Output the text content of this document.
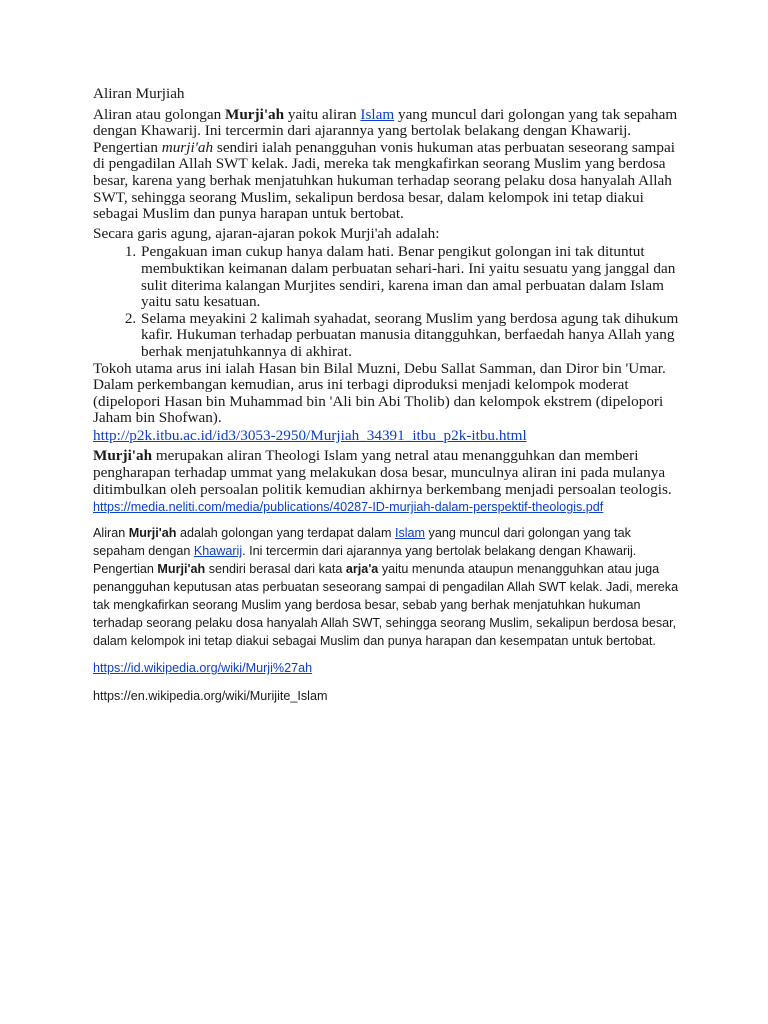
Aliran Murjiah

Aliran atau golongan Murji'ah yaitu aliran Islam yang muncul dari golongan yang tak sepaham dengan Khawarij. Ini tercermin dari ajarannya yang bertolak belakang dengan Khawarij. Pengertian murji'ah sendiri ialah penangguhan vonis hukuman atas perbuatan seseorang sampai di pengadilan Allah SWT kelak. Jadi, mereka tak mengkafirkan seorang Muslim yang berdosa besar, karena yang berhak menjatuhkan hukuman terhadap seorang pelaku dosa hanyalah Allah SWT, sehingga seorang Muslim, sekalipun berdosa besar, dalam kelompok ini tetap diakui sebagai Muslim dan punya harapan untuk bertobat.

Secara garis agung, ajaran-ajaran pokok Murji'ah adalah:

1. Pengakuan iman cukup hanya dalam hati. Benar pengikut golongan ini tak dituntut membuktikan keimanan dalam perbuatan sehari-hari. Ini yaitu sesuatu yang janggal dan sulit diterima kalangan Murjites sendiri, karena iman dan amal perbuatan dalam Islam yaitu satu kesatuan.
2. Selama meyakini 2 kalimah syahadat, seorang Muslim yang berdosa agung tak dihukum kafir. Hukuman terhadap perbuatan manusia ditangguhkan, berfaedah hanya Allah yang berhak menjatuhkannya di akhirat.

Tokoh utama arus ini ialah Hasan bin Bilal Muzni, Debu Sallat Samman, dan Diror bin 'Umar. Dalam perkembangan kemudian, arus ini terbagi diproduksi menjadi kelompok moderat (dipelopori Hasan bin Muhammad bin 'Ali bin Abi Tholib) dan kelompok ekstrem (dipelopori Jaham bin Shofwan).

http://p2k.itbu.ac.id/id3/3053-2950/Murjiah_34391_itbu_p2k-itbu.html

Murji'ah merupakan aliran Theologi Islam yang netral atau menangguhkan dan memberi pengharapan terhadap ummat yang melakukan dosa besar, munculnya aliran ini pada mulanya ditimbulkan oleh persoalan politik kemudian akhirnya berkembang menjadi persoalan teologis.

https://media.neliti.com/media/publications/40287-ID-murjiah-dalam-perspektif-theologis.pdf

Aliran Murji'ah adalah golongan yang terdapat dalam Islam yang muncul dari golongan yang tak sepaham dengan Khawarij. Ini tercermin dari ajarannya yang bertolak belakang dengan Khawarij. Pengertian Murji'ah sendiri berasal dari kata arja'a yaitu menunda ataupun menangguhkan atau juga penangguhan keputusan atas perbuatan seseorang sampai di pengadilan Allah SWT kelak. Jadi, mereka tak mengkafirkan seorang Muslim yang berdosa besar, sebab yang berhak menjatuhkan hukuman terhadap seorang pelaku dosa hanyalah Allah SWT, sehingga seorang Muslim, sekalipun berdosa besar, dalam kelompok ini tetap diakui sebagai Muslim dan punya harapan dan kesempatan untuk bertobat.

https://id.wikipedia.org/wiki/Murji%27ah

https://en.wikipedia.org/wiki/Murijite_Islam
